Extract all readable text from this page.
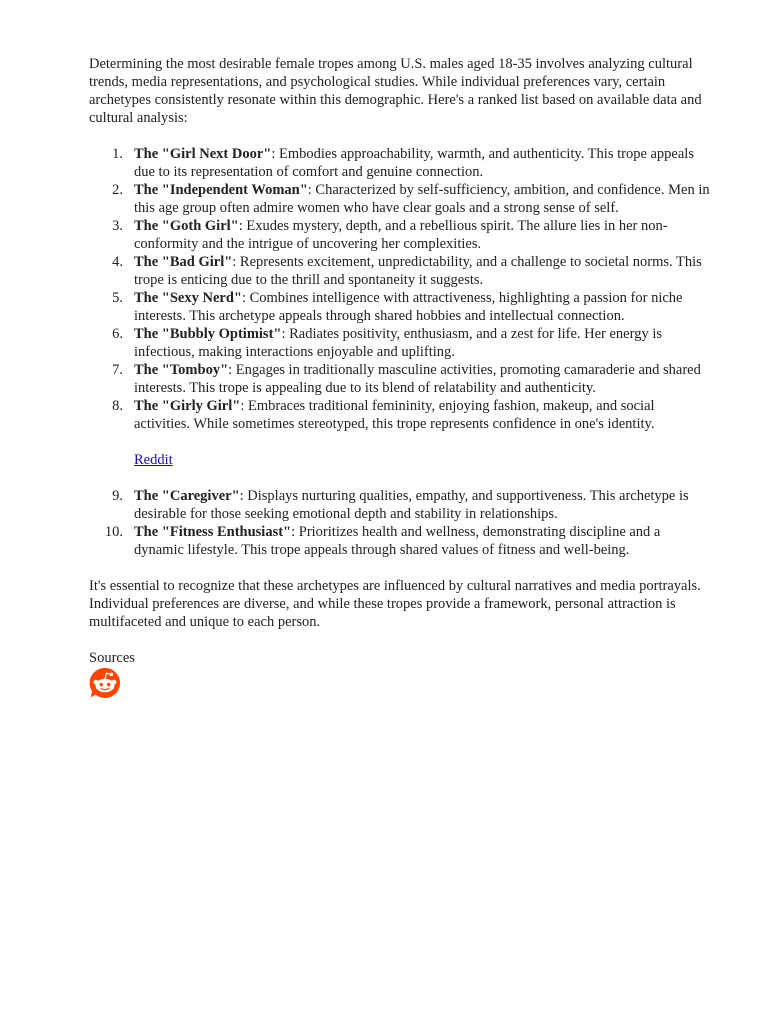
Determining the most desirable female tropes among U.S. males aged 18-35 involves analyzing cultural trends, media representations, and psychological studies. While individual preferences vary, certain archetypes consistently resonate within this demographic. Here's a ranked list based on available data and cultural analysis:

1. The "Girl Next Door": Embodies approachability, warmth, and authenticity. This trope appeals due to its representation of comfort and genuine connection.
2. The "Independent Woman": Characterized by self-sufficiency, ambition, and confidence. Men in this age group often admire women who have clear goals and a strong sense of self.
3. The "Goth Girl": Exudes mystery, depth, and a rebellious spirit. The allure lies in her non-conformity and the intrigue of uncovering her complexities.
4. The "Bad Girl": Represents excitement, unpredictability, and a challenge to societal norms. This trope is enticing due to the thrill and spontaneity it suggests.
5. The "Sexy Nerd": Combines intelligence with attractiveness, highlighting a passion for niche interests. This archetype appeals through shared hobbies and intellectual connection.
6. The "Bubbly Optimist": Radiates positivity, enthusiasm, and a zest for life. Her energy is infectious, making interactions enjoyable and uplifting.
7. The "Tomboy": Engages in traditionally masculine activities, promoting camaraderie and shared interests. This trope is appealing due to its blend of relatability and authenticity.
8. The "Girly Girl": Embraces traditional femininity, enjoying fashion, makeup, and social activities. While sometimes stereotyped, this trope represents confidence in one's identity.
Reddit
9. The "Caregiver": Displays nurturing qualities, empathy, and supportiveness. This archetype is desirable for those seeking emotional depth and stability in relationships.
10. The "Fitness Enthusiast": Prioritizes health and wellness, demonstrating discipline and a dynamic lifestyle. This trope appeals through shared values of fitness and well-being.

It's essential to recognize that these archetypes are influenced by cultural narratives and media portrayals. Individual preferences are diverse, and while these tropes provide a framework, personal attraction is multifaceted and unique to each person.

Sources
